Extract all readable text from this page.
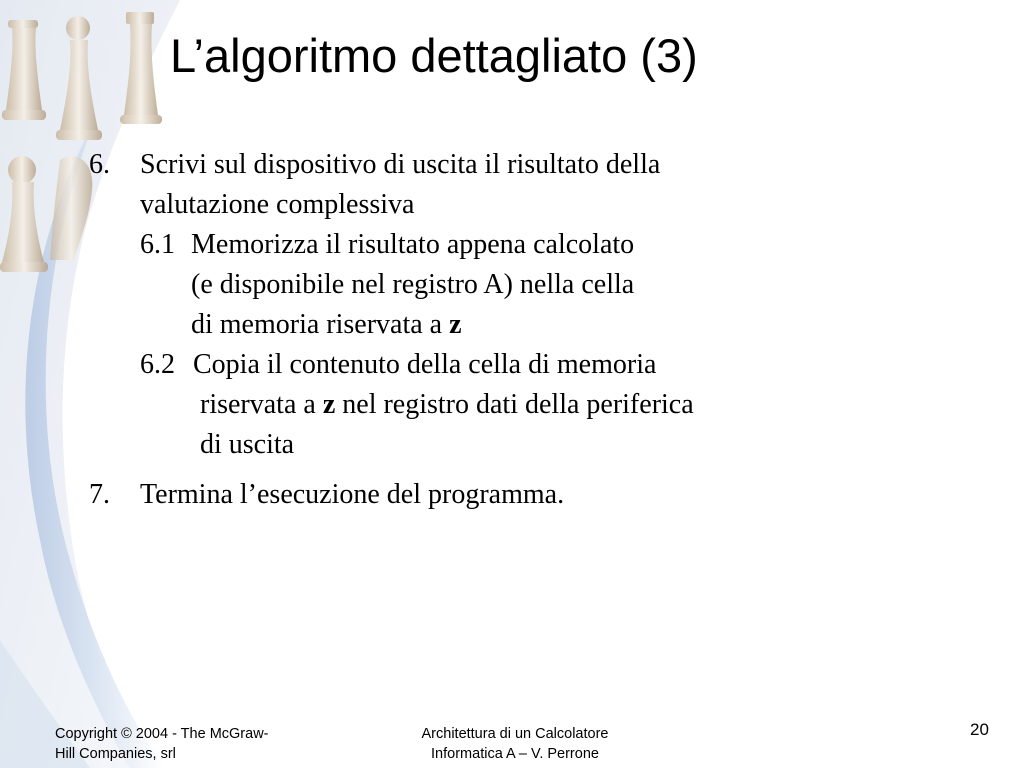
L’algoritmo dettagliato (3)
6. Scrivi sul dispositivo di uscita il risultato della
valutazione complessiva
6.1 Memorizza il risultato appena calcolato
(e disponibile nel registro A) nella cella
di memoria riservata a z
6.2 Copia il contenuto della cella di memoria
riservata a z nel registro dati della periferica
di uscita
7. Termina l’esecuzione del programma.
Copyright © 2004 - The McGraw-
Hill Companies, srl
Architettura di un Calcolatore
Informatica A – V. Perrone
20
